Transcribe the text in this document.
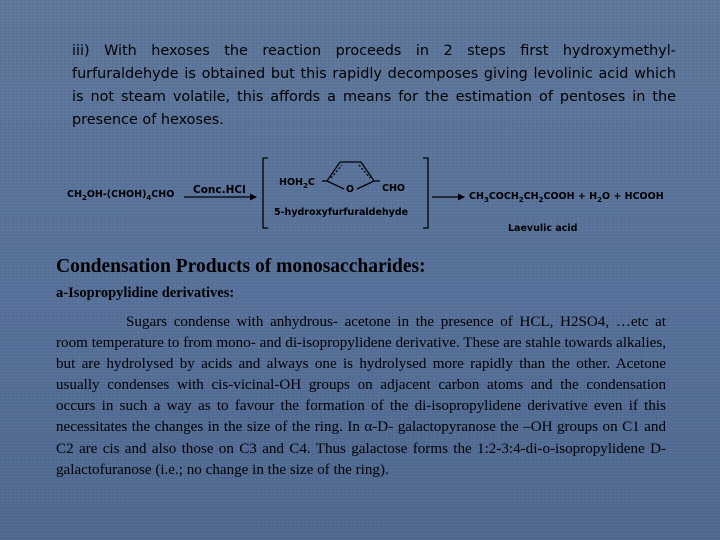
iii) With hexoses the reaction proceeds in 2 steps first hydroxymethyl-furfuraldehyde is obtained but this rapidly decomposes giving levolinic acid which is not steam volatile, this affords a means for the estimation of pentoses in the presence of hexoses.

$CH_2OH-(CHOH)_4CHO$ Conc.HCl
$HOH_2C$
O	CHO
5-hydroxyfurfuraldehyde
$CH_3COCH_2CH_2COOH + H_2O$ + HCOOH
Laevulic acid
Condensation Products of monosaccharides:
a-Isopropylidine derivatives:

Sugars condense with anhydrous- acetone in the presence of HCL, H2SO4, …etc at room temperature to from mono- and di-isopropylidene derivative. These are stahle towards alkalies, but are hydrolysed by acids and always one is hydrolysed more rapidly than the other. Acetone usually condenses with cis-vicinal-OH groups on adjacent carbon atoms and the condensation occurs in such a way as to favour the formation of the di-isopropylidene derivative even if this necessitates the changes in the size of the ring. In α-D- galactopyranose the –OH groups on C1 and C2 are cis and also those on C3 and C4. Thus galactose forms the 1:2-3:4-di-o-isopropylidene D-galactofuranose (i.e.; no change in the size of the ring).
